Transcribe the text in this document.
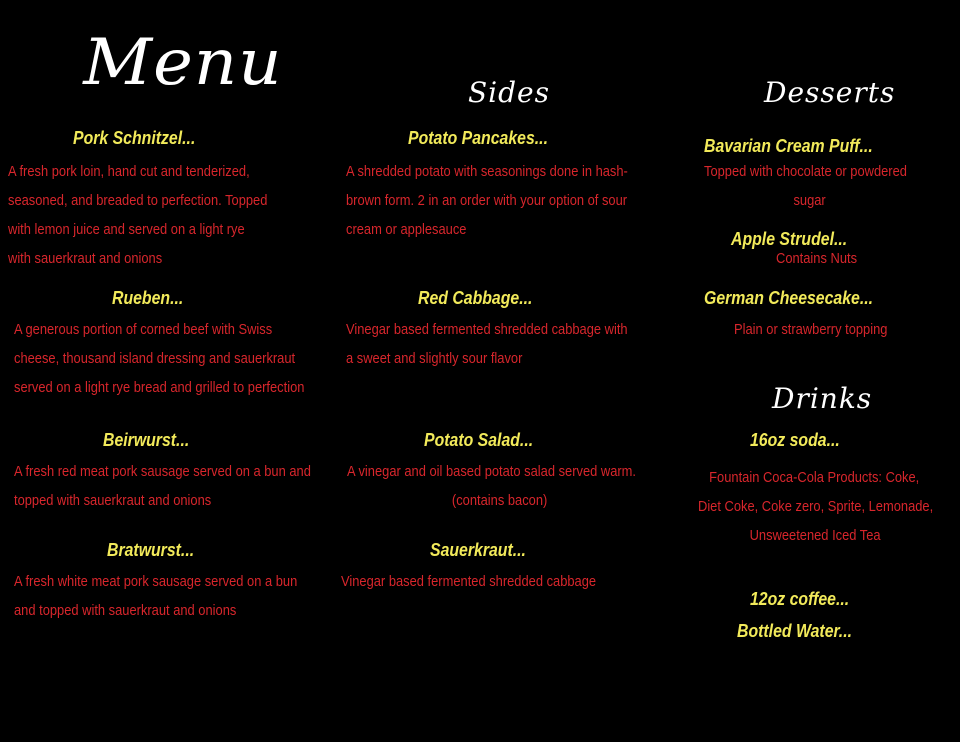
Menu	Sides	Desserts
Drinks
Pork Schnitzel...
A fresh pork loin, hand cut and tenderized,
seasoned, and breaded to perfection. Topped
with lemon juice and served on a light rye
with sauerkraut and onions
Rueben...
A generous portion of corned beef with Swiss
cheese, thousand island dressing and sauerkraut
served on a light rye bread and grilled to perfection
Beirwurst...
A fresh red meat pork sausage served on a bun and
topped with sauerkraut and onions
Bratwurst...
A fresh white meat pork sausage served on a bun
and topped with sauerkraut and onions
Potato Pancakes...
A shredded potato with seasonings done in hash-
brown form. 2 in an order with your option of sour
cream or applesauce
Red Cabbage...
Vinegar based fermented shredded cabbage with
a sweet and slightly sour flavor
Potato Salad...
A vinegar and oil based potato salad served warm.
(contains bacon)
Sauerkraut...
Vinegar based fermented shredded cabbage
Bavarian Cream Puff...
Topped with chocolate or powdered
sugar
Apple Strudel...
Contains Nuts
German Cheesecake...
Plain or strawberry topping
16oz soda...
Fountain Coca-Cola Products: Coke,
Diet Coke, Coke zero, Sprite, Lemonade,
Unsweetened Iced Tea
12oz coffee...
Bottled Water...
